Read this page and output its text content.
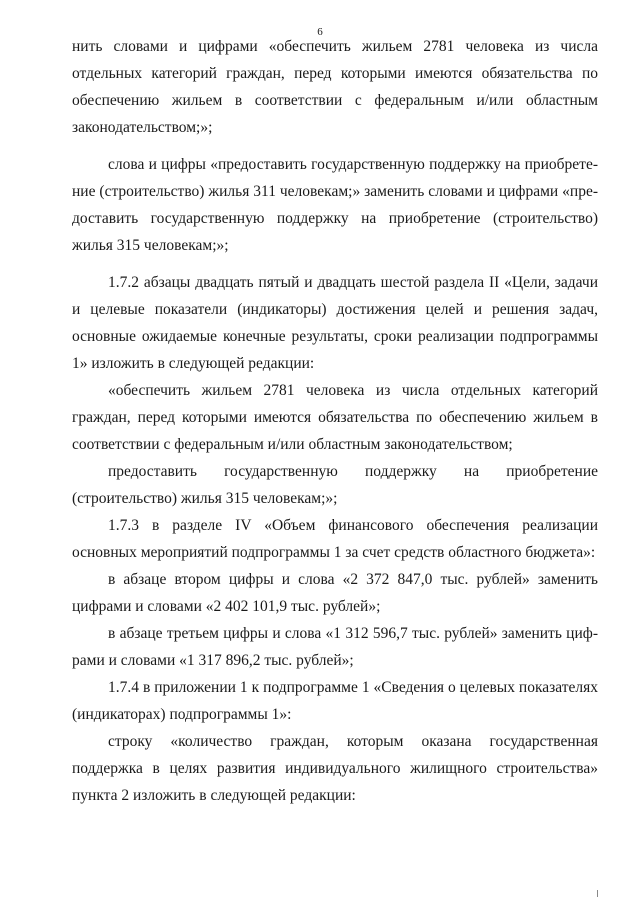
6

нить словами и цифрами «обеспечить жильем 2781 человека из числа отдельных категорий граждан, перед которыми имеются обязательства по обеспечению жильем в соответствии с федеральным и/или областным законодательством;»;

слова и цифры «предоставить государственную поддержку на приобретение (строительство) жилья 311 человекам;» заменить словами и цифрами «предоставить государственную поддержку на приобретение (строительство) жилья 315 человекам;»;

1.7.2 абзацы двадцать пятый и двадцать шестой раздела II «Цели, задачи и целевые показатели (индикаторы) достижения целей и решения задач, основные ожидаемые конечные результаты, сроки реализации подпрограммы 1» изложить в следующей редакции:

«обеспечить жильем 2781 человека из числа отдельных категорий граждан, перед которыми имеются обязательства по обеспечению жильем в соответствии с федеральным и/или областным законодательством;

предоставить государственную поддержку на приобретение (строительство) жилья 315 человекам;»;

1.7.3 в разделе IV «Объем финансового обеспечения реализации основных мероприятий подпрограммы 1 за счет средств областного бюджета»:

в абзаце втором цифры и слова «2 372 847,0 тыс. рублей» заменить цифрами и словами «2 402 101,9 тыс. рублей»;

в абзаце третьем цифры и слова «1 312 596,7 тыс. рублей» заменить цифрами и словами «1 317 896,2 тыс. рублей»;

1.7.4 в приложении 1 к подпрограмме 1 «Сведения о целевых показателях (индикаторах) подпрограммы 1»:

строку «количество граждан, которым оказана государственная поддержка в целях развития индивидуального жилищного строительства» пункта 2 изложить в следующей редакции:
